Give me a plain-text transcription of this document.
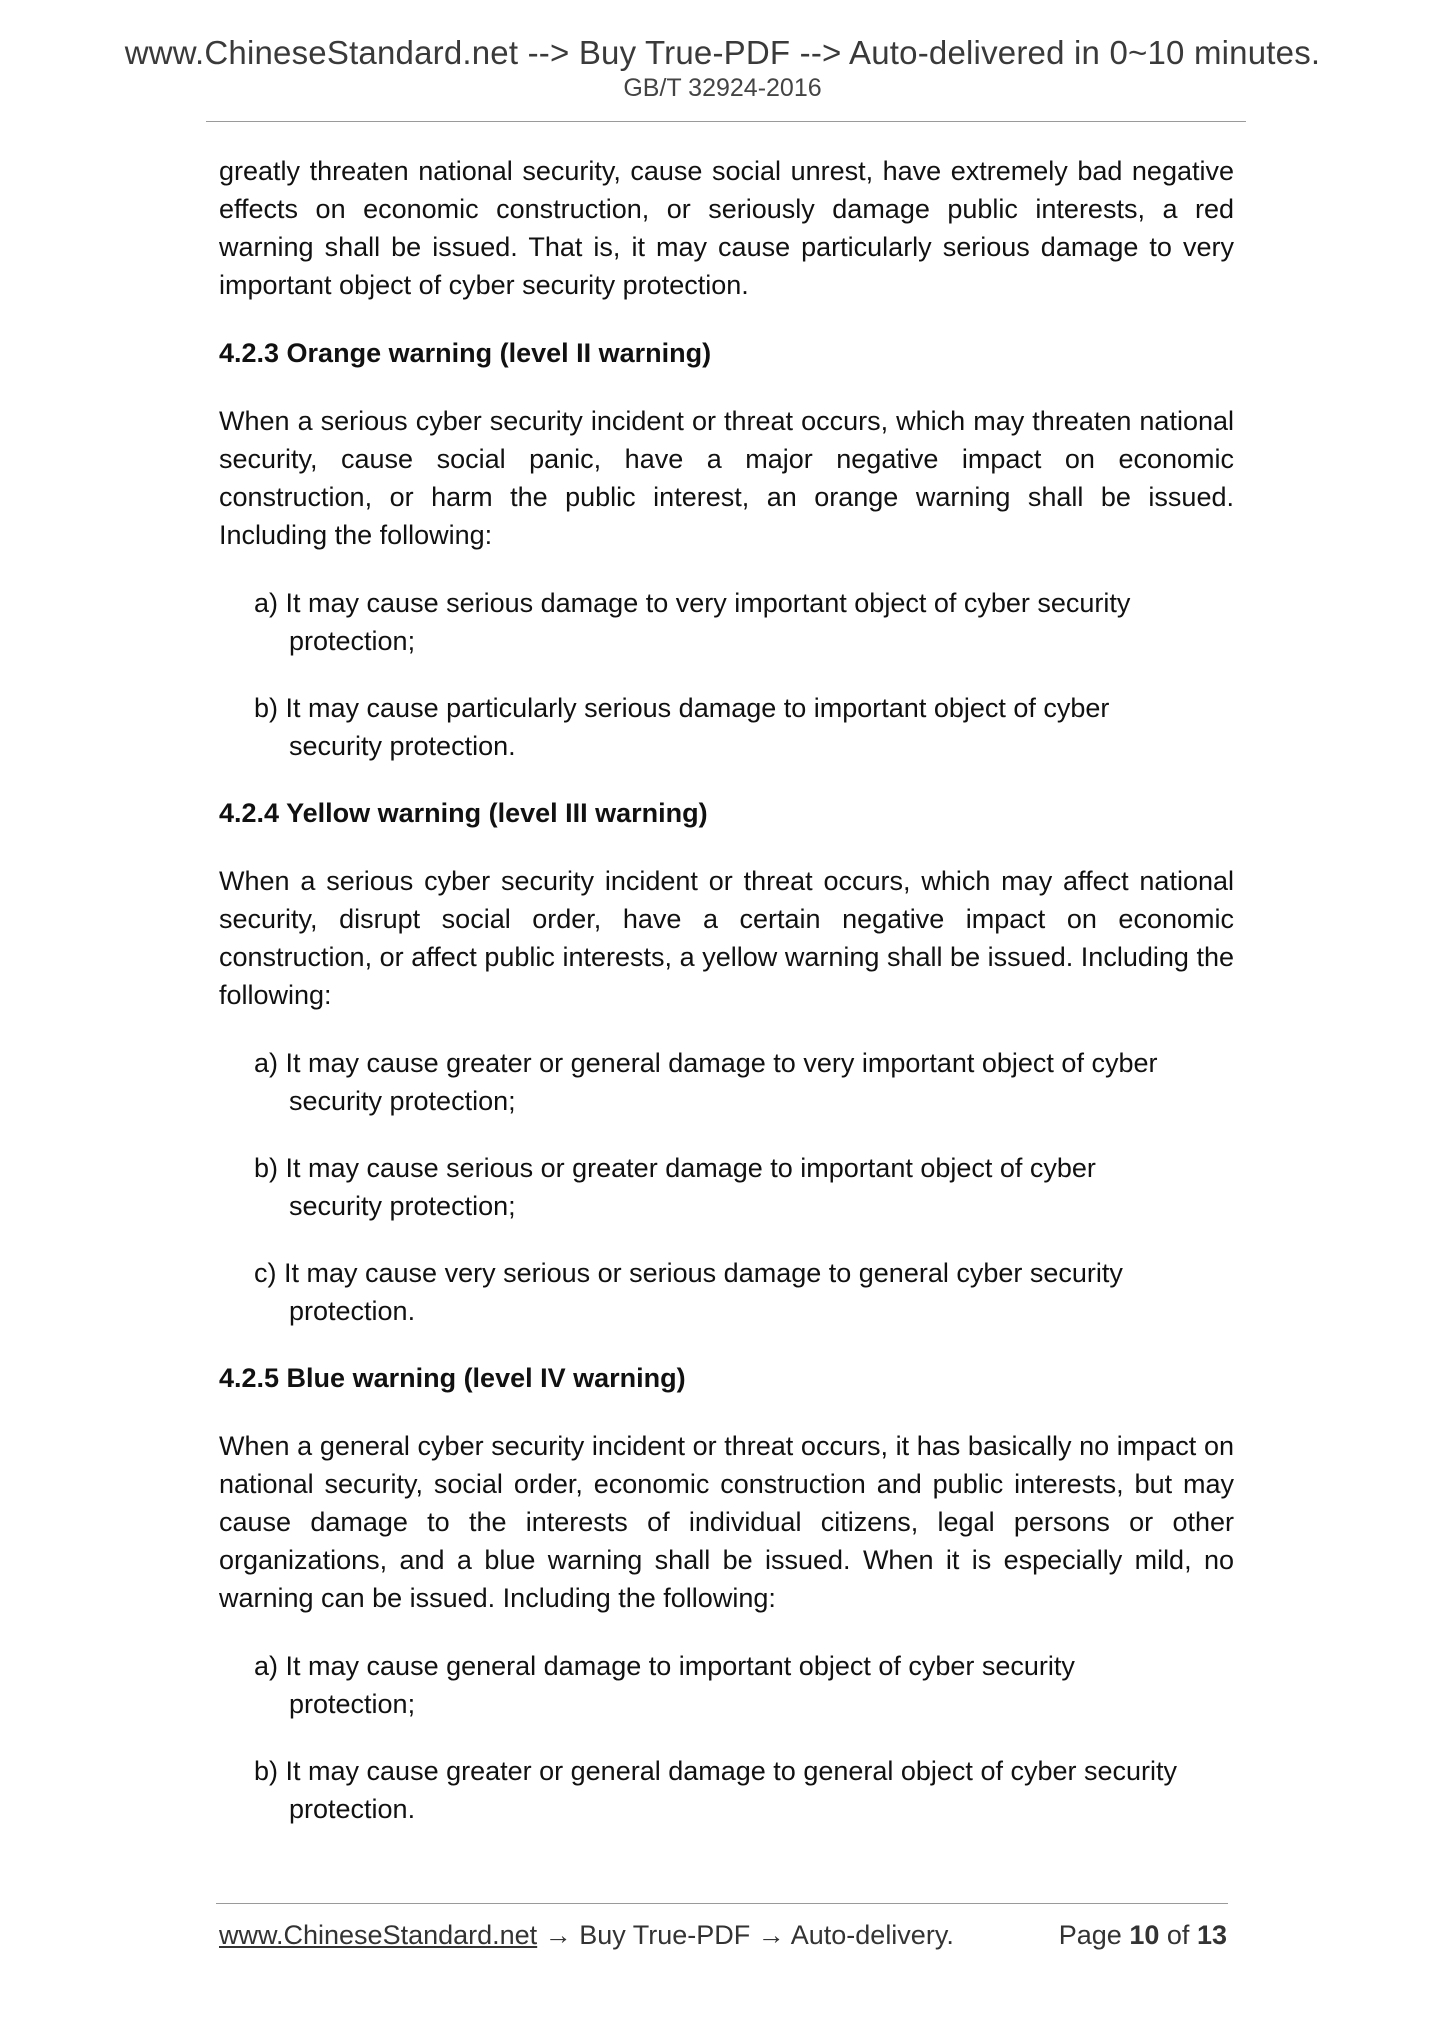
www.ChineseStandard.net --> Buy True-PDF --> Auto-delivered in 0~10 minutes.
GB/T 32924-2016

greatly threaten national security, cause social unrest, have extremely bad negative effects on economic construction, or seriously damage public interests, a red warning shall be issued. That is, it may cause particularly serious damage to very important object of cyber security protection.

4.2.3 Orange warning (level II warning)

When a serious cyber security incident or threat occurs, which may threaten national security, cause social panic, have a major negative impact on economic construction, or harm the public interest, an orange warning shall be issued. Including the following:

a) It may cause serious damage to very important object of cyber security

protection;

b) It may cause particularly serious damage to important object of cyber

security protection.

4.2.4 Yellow warning (level III warning)

When a serious cyber security incident or threat occurs, which may affect national security, disrupt social order, have a certain negative impact on economic construction, or affect public interests, a yellow warning shall be issued. Including the following:

a) It may cause greater or general damage to very important object of cyber

security protection;

b) It may cause serious or greater damage to important object of cyber

security protection;

c) It may cause very serious or serious damage to general cyber security

protection.

4.2.5 Blue warning (level IV warning)

When a general cyber security incident or threat occurs, it has basically no impact on national security, social order, economic construction and public interests, but may cause damage to the interests of individual citizens, legal persons or other organizations, and a blue warning shall be issued. When it is especially mild, no warning can be issued. Including the following:

a) It may cause general damage to important object of cyber security

protection;

b) It may cause greater or general damage to general object of cyber security

protection.

www.ChineseStandard.net → Buy True-PDF → Auto-delivery.	Page 10 of 13
